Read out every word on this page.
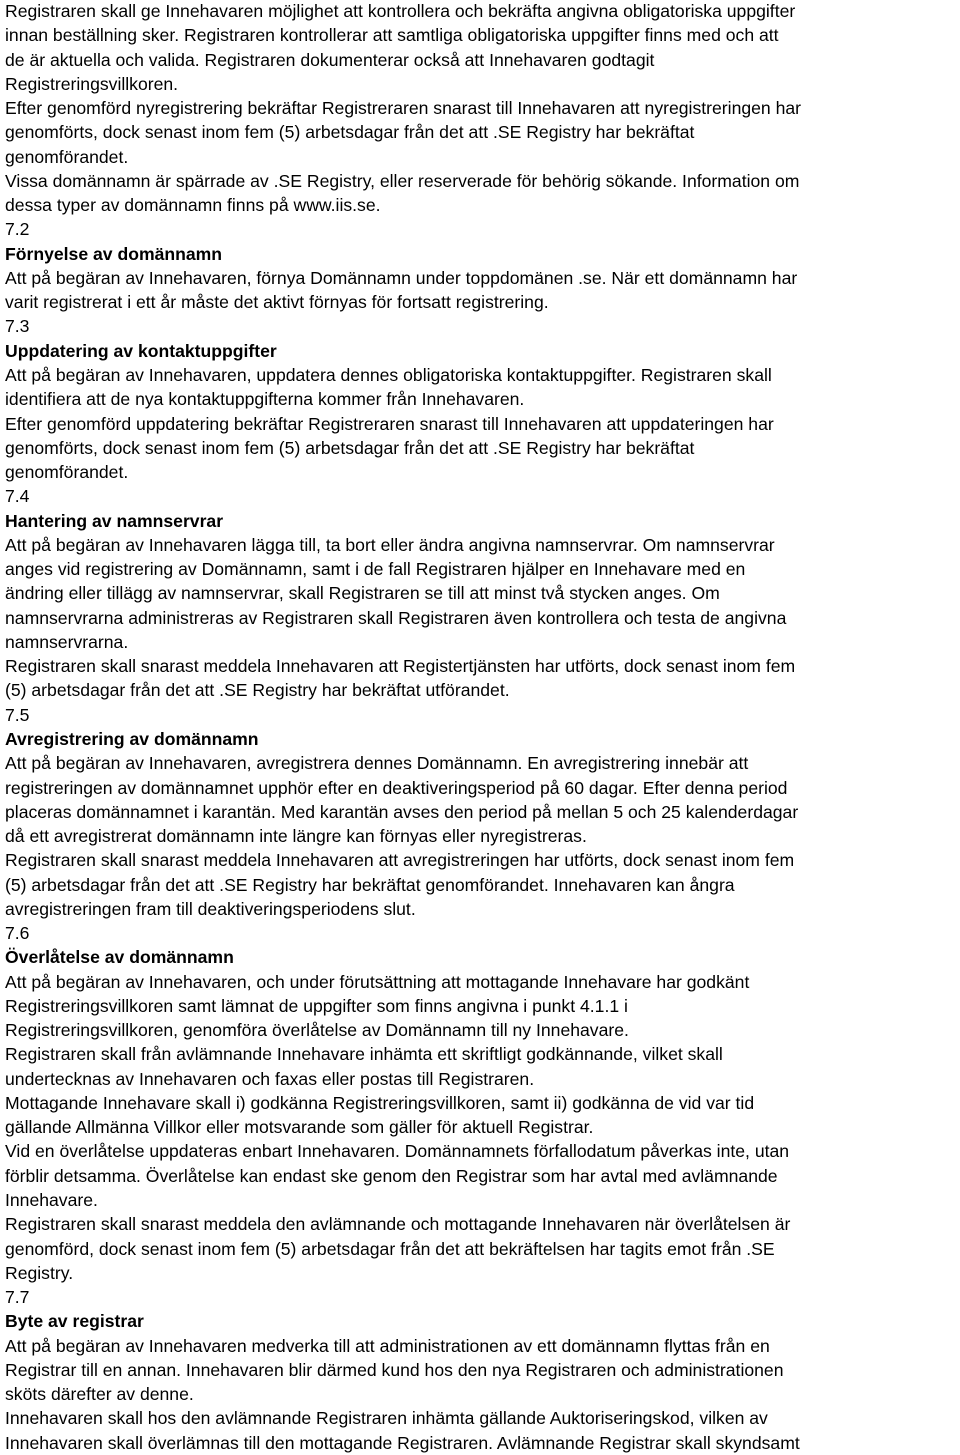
Registraren skall ge Innehavaren möjlighet att kontrollera och bekräfta angivna obligatoriska uppgifter
innan beställning sker. Registraren kontrollerar att samtliga obligatoriska uppgifter finns med och att
de är aktuella och valida. Registraren dokumenterar också att Innehavaren godtagit
Registreringsvillkoren.
Efter genomförd nyregistrering bekräftar Registreraren snarast till Innehavaren att nyregistreringen har
genomförts, dock senast inom fem (5) arbetsdagar från det att .SE Registry har bekräftat
genomförandet.
Vissa domännamn är spärrade av .SE Registry, eller reserverade för behörig sökande. Information om
dessa typer av domännamn finns på www.iis.se.
7.2
Förnyelse av domännamn
Att på begäran av Innehavaren, förnya Domännamn under toppdomänen .se. När ett domännamn har
varit registrerat i ett år måste det aktivt förnyas för fortsatt registrering.
7.3
Uppdatering av kontaktuppgifter
Att på begäran av Innehavaren, uppdatera dennes obligatoriska kontaktuppgifter. Registraren skall
identifiera att de nya kontaktuppgifterna kommer från Innehavaren.
Efter genomförd uppdatering bekräftar Registreraren snarast till Innehavaren att uppdateringen har
genomförts, dock senast inom fem (5) arbetsdagar från det att .SE Registry har bekräftat
genomförandet.
7.4
Hantering av namnservrar
Att på begäran av Innehavaren lägga till, ta bort eller ändra angivna namnservrar. Om namnservrar
anges vid registrering av Domännamn, samt i de fall Registraren hjälper en Innehavare med en
ändring eller tillägg av namnservrar, skall Registraren se till att minst två stycken anges. Om
namnservrarna administreras av Registraren skall Registraren även kontrollera och testa de angivna
namnservrarna.
Registraren skall snarast meddela Innehavaren att Registertjänsten har utförts, dock senast inom fem
(5) arbetsdagar från det att .SE Registry har bekräftat utförandet.
7.5
Avregistrering av domännamn
Att på begäran av Innehavaren, avregistrera dennes Domännamn. En avregistrering innebär att
registreringen av domännamnet upphör efter en deaktiveringsperiod på 60 dagar. Efter denna period
placeras domännamnet i karantän. Med karantän avses den period på mellan 5 och 25 kalenderdagar
då ett avregistrerat domännamn inte längre kan förnyas eller nyregistreras.
Registraren skall snarast meddela Innehavaren att avregistreringen har utförts, dock senast inom fem
(5) arbetsdagar från det att .SE Registry har bekräftat genomförandet. Innehavaren kan ångra
avregistreringen fram till deaktiveringsperiodens slut.
7.6
Överlåtelse av domännamn
Att på begäran av Innehavaren, och under förutsättning att mottagande Innehavare har godkänt
Registreringsvillkoren samt lämnat de uppgifter som finns angivna i punkt 4.1.1 i
Registreringsvillkoren, genomföra överlåtelse av Domännamn till ny Innehavare.
Registraren skall från avlämnande Innehavare inhämta ett skriftligt godkännande, vilket skall
undertecknas av Innehavaren och faxas eller postas till Registraren.
Mottagande Innehavare skall i) godkänna Registreringsvillkoren, samt ii) godkänna de vid var tid
gällande Allmänna Villkor eller motsvarande som gäller för aktuell Registrar.
Vid en överlåtelse uppdateras enbart Innehavaren. Domännamnets förfallodatum påverkas inte, utan
förblir detsamma. Överlåtelse kan endast ske genom den Registrar som har avtal med avlämnande
Innehavare.
Registraren skall snarast meddela den avlämnande och mottagande Innehavaren när överlåtelsen är
genomförd, dock senast inom fem (5) arbetsdagar från det att bekräftelsen har tagits emot från .SE
Registry.
7.7
Byte av registrar
Att på begäran av Innehavaren medverka till att administrationen av ett domännamn flyttas från en
Registrar till en annan. Innehavaren blir därmed kund hos den nya Registraren och administrationen
sköts därefter av denne.
Innehavaren skall hos den avlämnande Registraren inhämta gällande Auktoriseringskod, vilken av
Innehavaren skall överlämnas till den mottagande Registraren. Avlämnande Registrar skall skyndsamt
